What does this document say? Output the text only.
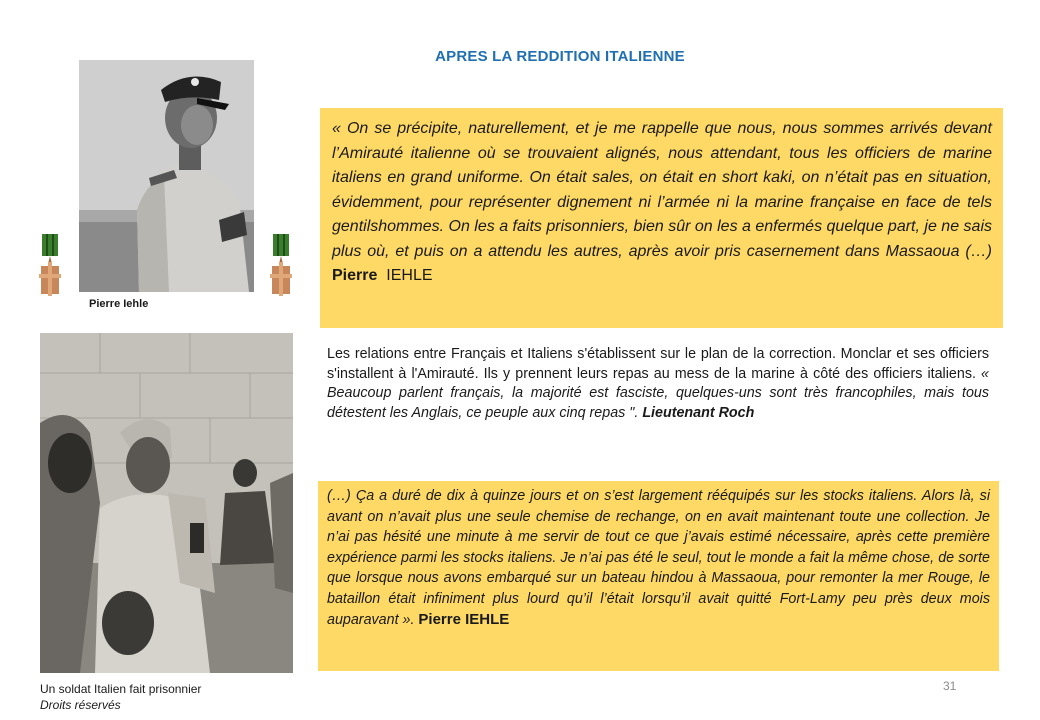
APRES LA REDDITION ITALIENNE
Pierre Iehle
Un soldat Italien fait prisonnier
Droits réservés
« On se précipite, naturellement, et je me rappelle que nous, nous sommes arrivés devant l’Amirauté italienne où se trouvaient alignés, nous attendant, tous les officiers de marine italiens en grand uniforme. On était sales, on était en short kaki, on n’était pas en situation, évidemment, pour représenter dignement ni l’armée ni la marine française en face de tels gentilshommes. On les a faits prisonniers, bien sûr on les a enfermés quelque part, je ne sais plus où, et puis on a attendu les autres, après avoir pris casernement dans Massaoua (…) Pierre IEHLE
Les relations entre Français et Italiens s'établissent sur le plan de la correction. Monclar et ses officiers s'installent à l'Amirauté. Ils y prennent leurs repas au mess de la marine à côté des officiers italiens. « Beaucoup parlent français, la majorité est fasciste, quelques-uns sont très francophiles, mais tous détestent les Anglais, ce peuple aux cinq repas ". Lieutenant Roch
(…) Ça a duré de dix à quinze jours et on s’est largement rééquipés sur les stocks italiens. Alors là, si avant on n’avait plus une seule chemise de rechange, on en avait maintenant toute une collection. Je n’ai pas hésité une minute à me servir de tout ce que j’avais estimé nécessaire, après cette première expérience parmi les stocks italiens. Je n’ai pas été le seul, tout le monde a fait la même chose, de sorte que lorsque nous avons embarqué sur un bateau hindou à Massaoua, pour remonter la mer Rouge, le bataillon était infiniment plus lourd qu’il l’était lorsqu’il avait quitté Fort-Lamy peu près deux mois auparavant ». Pierre IEHLE
31
